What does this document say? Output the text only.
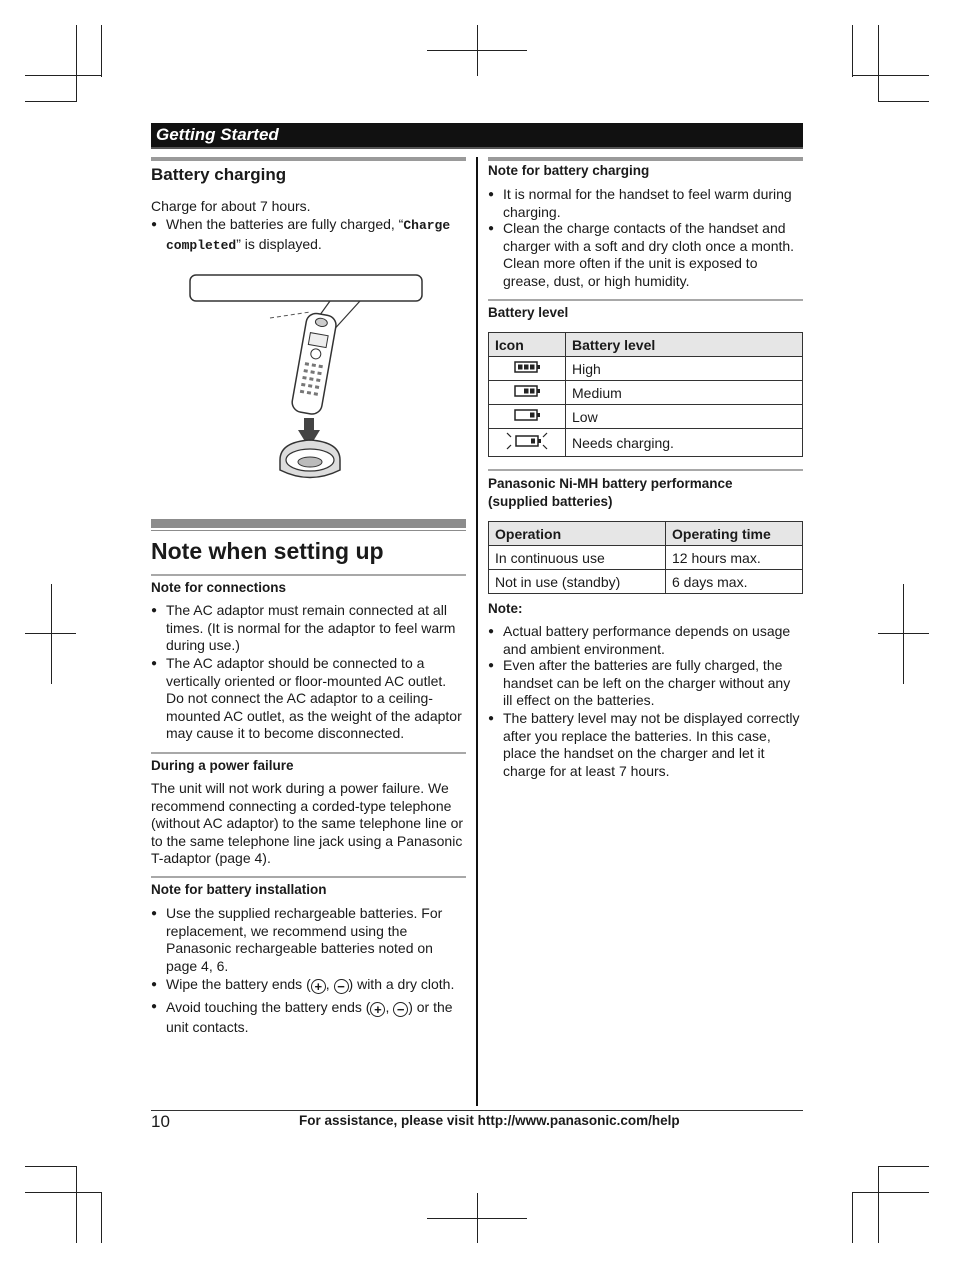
Getting Started
Battery charging
Charge for about 7 hours.
● When the batteries are fully charged, “Charge
completed” is displayed.
Note when setting up
Note for connections
● The AC adaptor must remain connected at all times. (It is normal for the adaptor to feel warm during use.)
● The AC adaptor should be connected to a vertically oriented or floor-mounted AC outlet. Do not connect the AC adaptor to a ceiling-mounted AC outlet, as the weight of the adaptor may cause it to become disconnected.
During a power failure
The unit will not work during a power failure. We recommend connecting a corded-type telephone (without AC adaptor) to the same telephone line or to the same telephone line jack using a Panasonic T-adaptor (page 4).
Note for battery installation
● Use the supplied rechargeable batteries. For replacement, we recommend using the Panasonic rechargeable batteries noted on page 4, 6.
● Wipe the battery ends ( + , − ) with a dry cloth.
● Avoid touching the battery ends ( + , − ) or the unit contacts.
Note for battery charging
● It is normal for the handset to feel warm during charging.
● Clean the charge contacts of the handset and charger with a soft and dry cloth once a month. Clean more often if the unit is exposed to grease, dust, or high humidity.
Battery level
Icon	Battery level
	High
	Medium
	Low
	Needs charging.
Panasonic Ni-MH battery performance
(supplied batteries)
Operation	Operating time
In continuous use	12 hours max.
Not in use (standby)	6 days max.
Note:
● Actual battery performance depends on usage and ambient environment.
● Even after the batteries are fully charged, the handset can be left on the charger without any ill effect on the batteries.
● The battery level may not be displayed correctly after you replace the batteries. In this case, place the handset on the charger and let it charge for at least 7 hours.
10	For assistance, please visit http://www.panasonic.com/help
